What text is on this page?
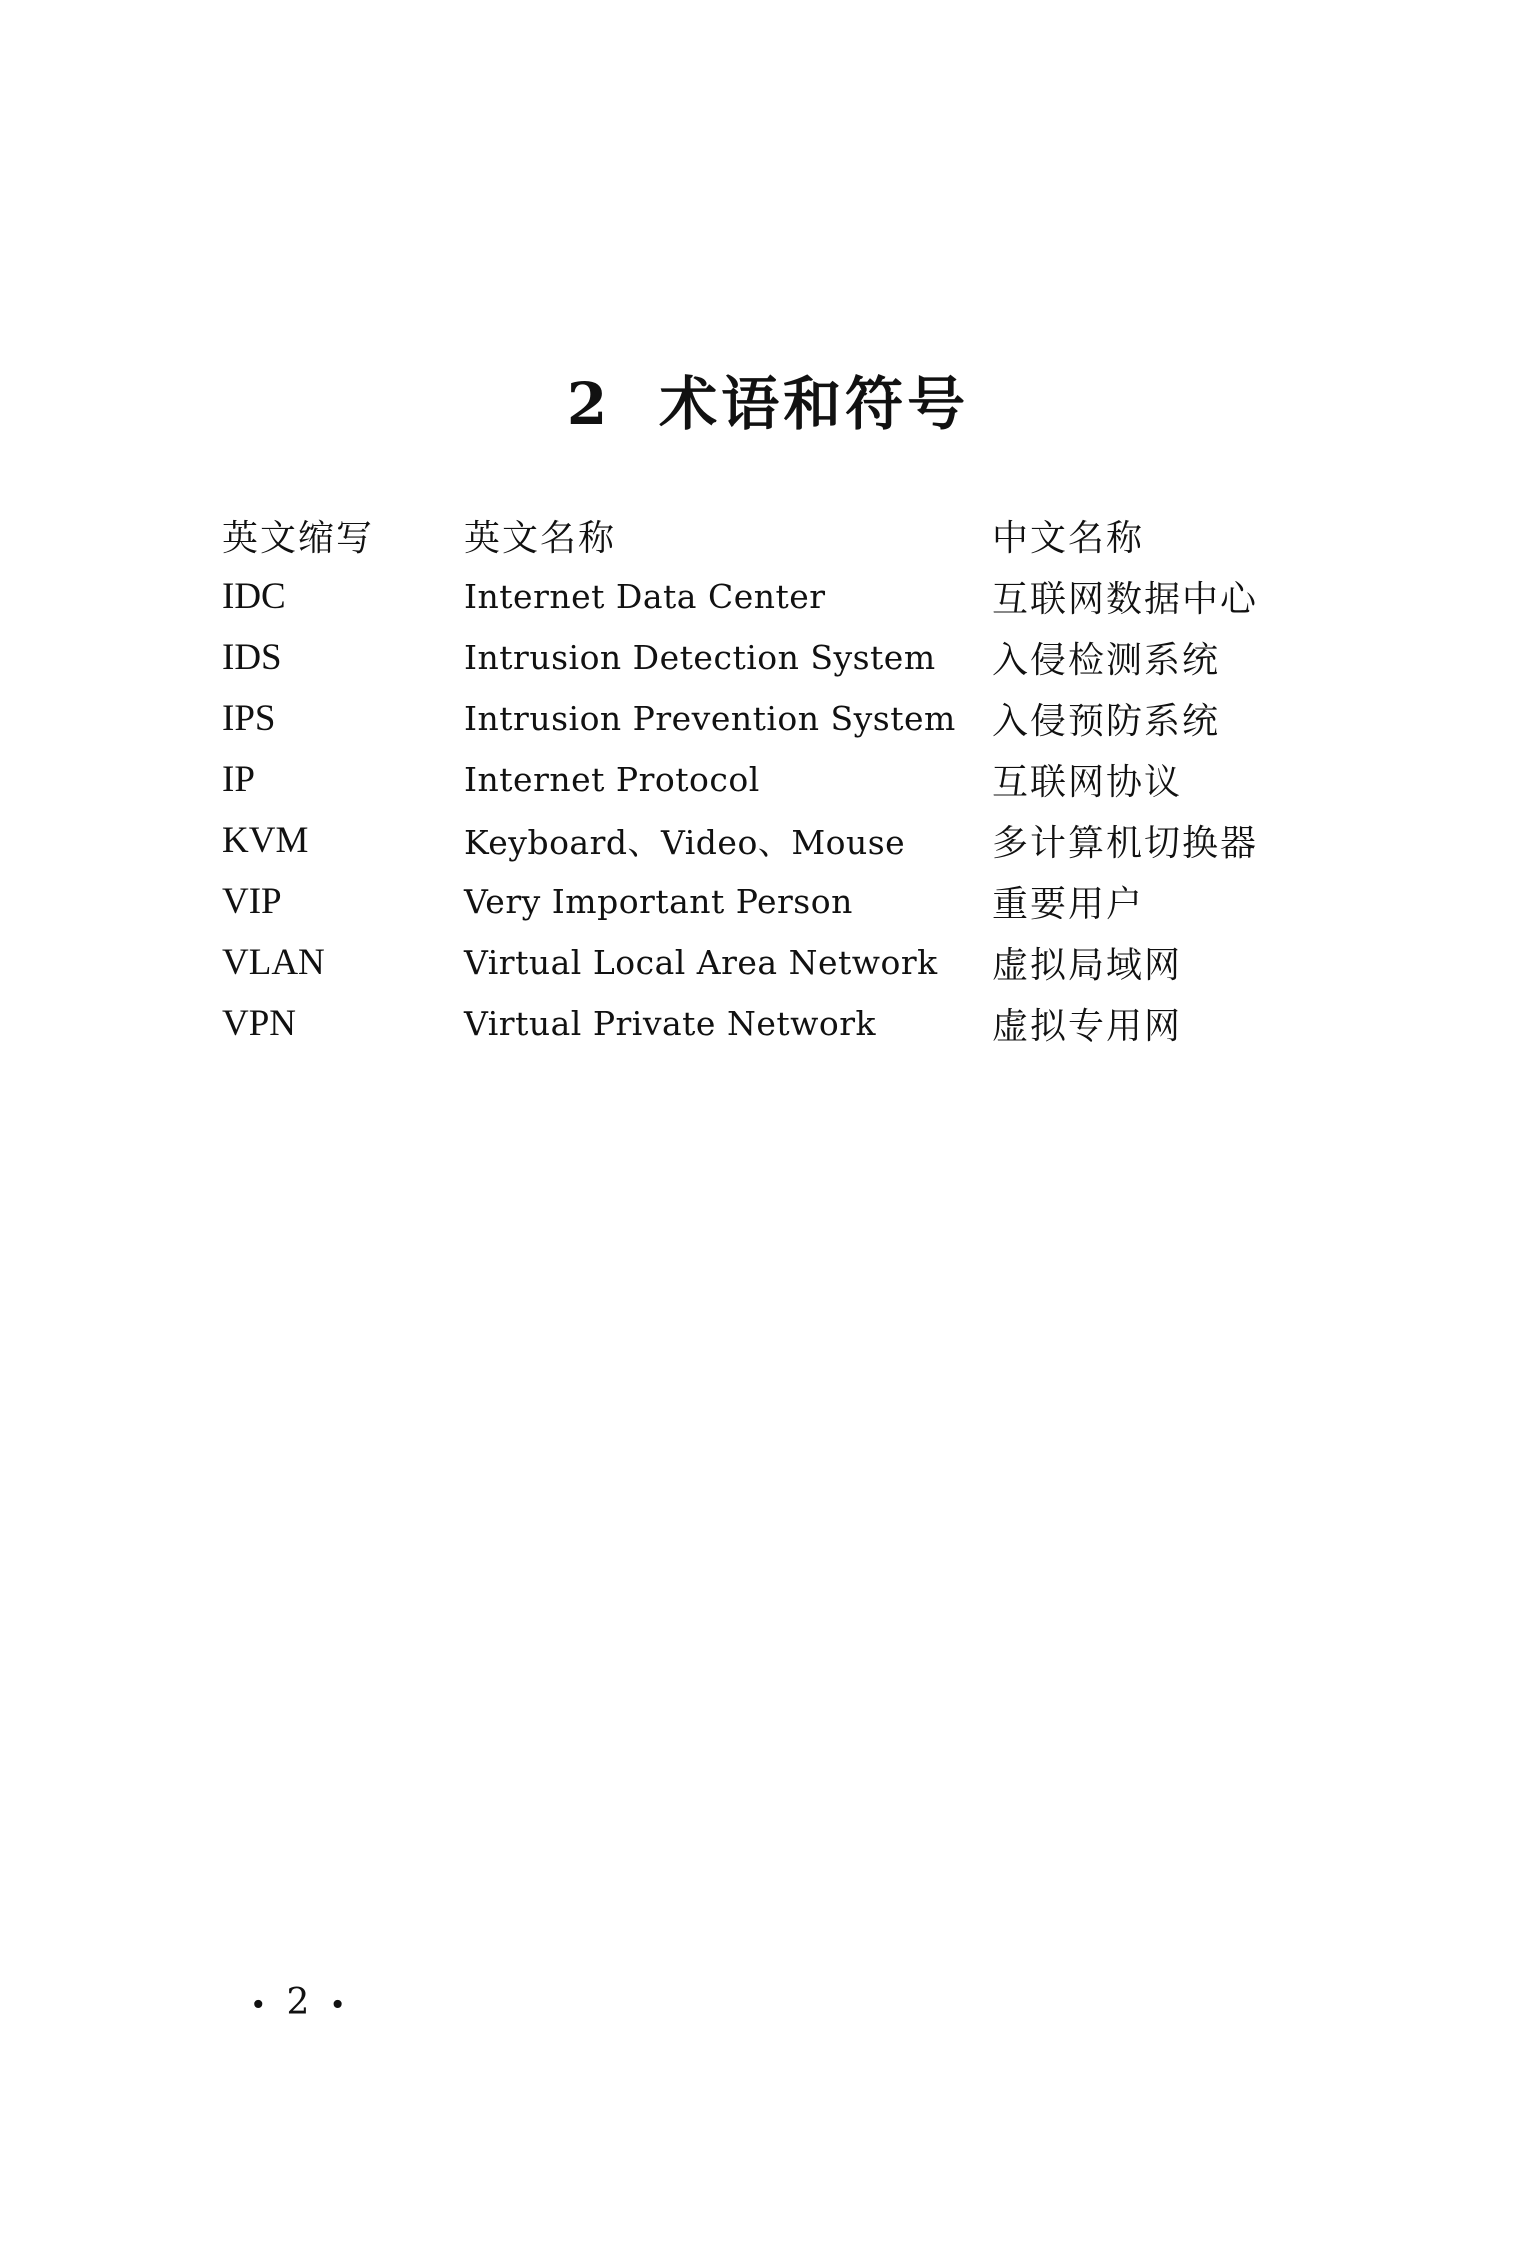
2 术语和符号
英文缩写	英文名称	中文名称
IDC	Internet Data Center	互联网数据中心
IDS	Intrusion Detection System	入侵检测系统
IPS	Intrusion Prevention System	入侵预防系统
IP	Internet Protocol	互联网协议
KVM	Keyboard、Video、Mouse	多计算机切换器
VIP	Very Important Person	重要用户
VLAN	Virtual Local Area Network	虚拟局域网
VPN	Virtual Private Network	虚拟专用网
• 2 •
